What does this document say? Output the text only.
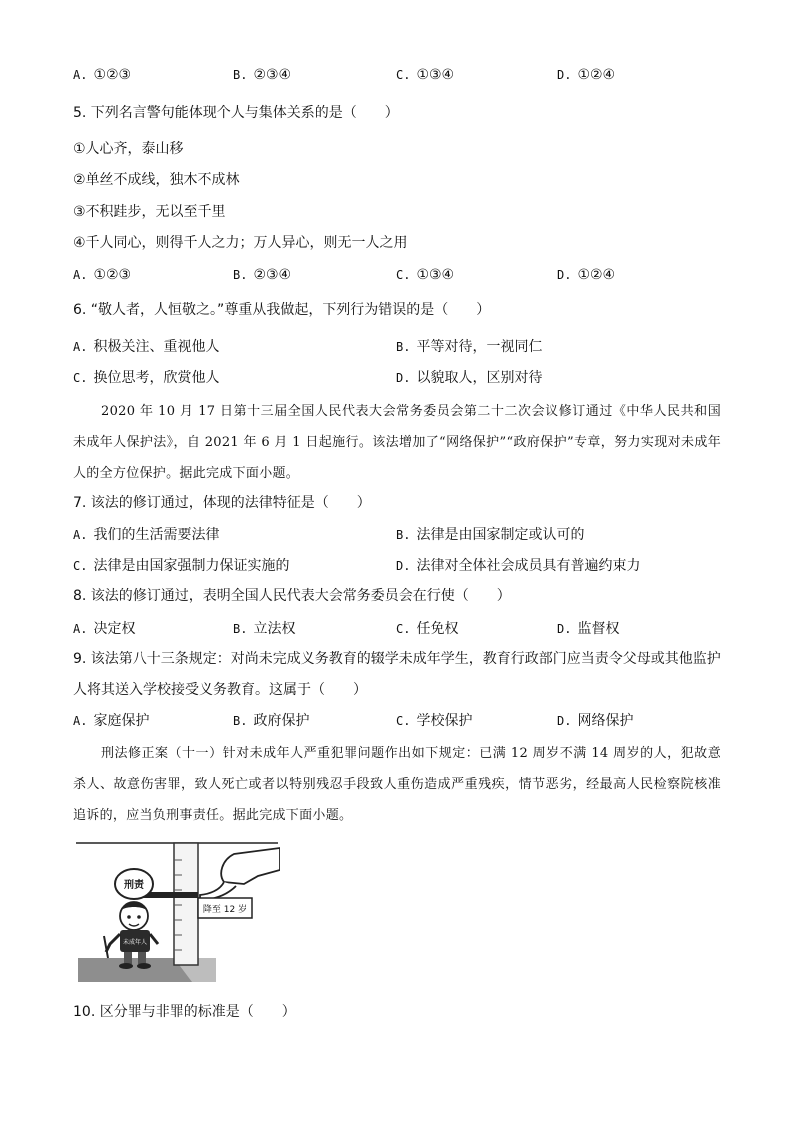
A. ①②③	B. ②③④	C. ①③④	D. ①②④
5. 下列名言警句能体现个人与集体关系的是（　　）
①人心齐，泰山移
②单丝不成线，独木不成林
③不积跬步，无以至千里
④千人同心，则得千人之力；万人异心，则无一人之用
A. ①②③	B. ②③④	C. ①③④	D. ①②④
6. “敬人者，人恒敬之。”尊重从我做起，下列行为错误的是（　　）
A. 积极关注、重视他人	B. 平等对待，一视同仁
C. 换位思考，欣赏他人	D. 以貌取人，区别对待
2020 年 10 月 17 日第十三届全国人民代表大会常务委员会第二十二次会议修订通过《中华人民共和国未成年人保护法》，自 2021 年 6 月 1 日起施行。该法增加了“网络保护”“政府保护”专章，努力实现对未成年人的全方位保护。据此完成下面小题。
7. 该法的修订通过，体现的法律特征是（　　）
A. 我们的生活需要法律	B. 法律是由国家制定或认可的
C. 法律是由国家强制力保证实施的	D. 法律对全体社会成员具有普遍约束力
8. 该法的修订通过，表明全国人民代表大会常务委员会在行使（　　）
A. 决定权	B. 立法权	C. 任免权	D. 监督权
9. 该法第八十三条规定：对尚未完成义务教育的辍学未成年学生，教育行政部门应当责令父母或其他监护
人将其送入学校接受义务教育。这属于（　　）
A. 家庭保护	B. 政府保护	C. 学校保护	D. 网络保护
刑法修正案（十一）针对未成年人严重犯罪问题作出如下规定：已满 12 周岁不满 14 周岁的人，犯故意杀人、故意伤害罪，致人死亡或者以特别残忍手段致人重伤造成严重残疾，情节恶劣，经最高人民检察院核准追诉的，应当负刑事责任。据此完成下面小题。
降至 12 岁
刑责
未成年人
10. 区分罪与非罪的标准是（　　）
